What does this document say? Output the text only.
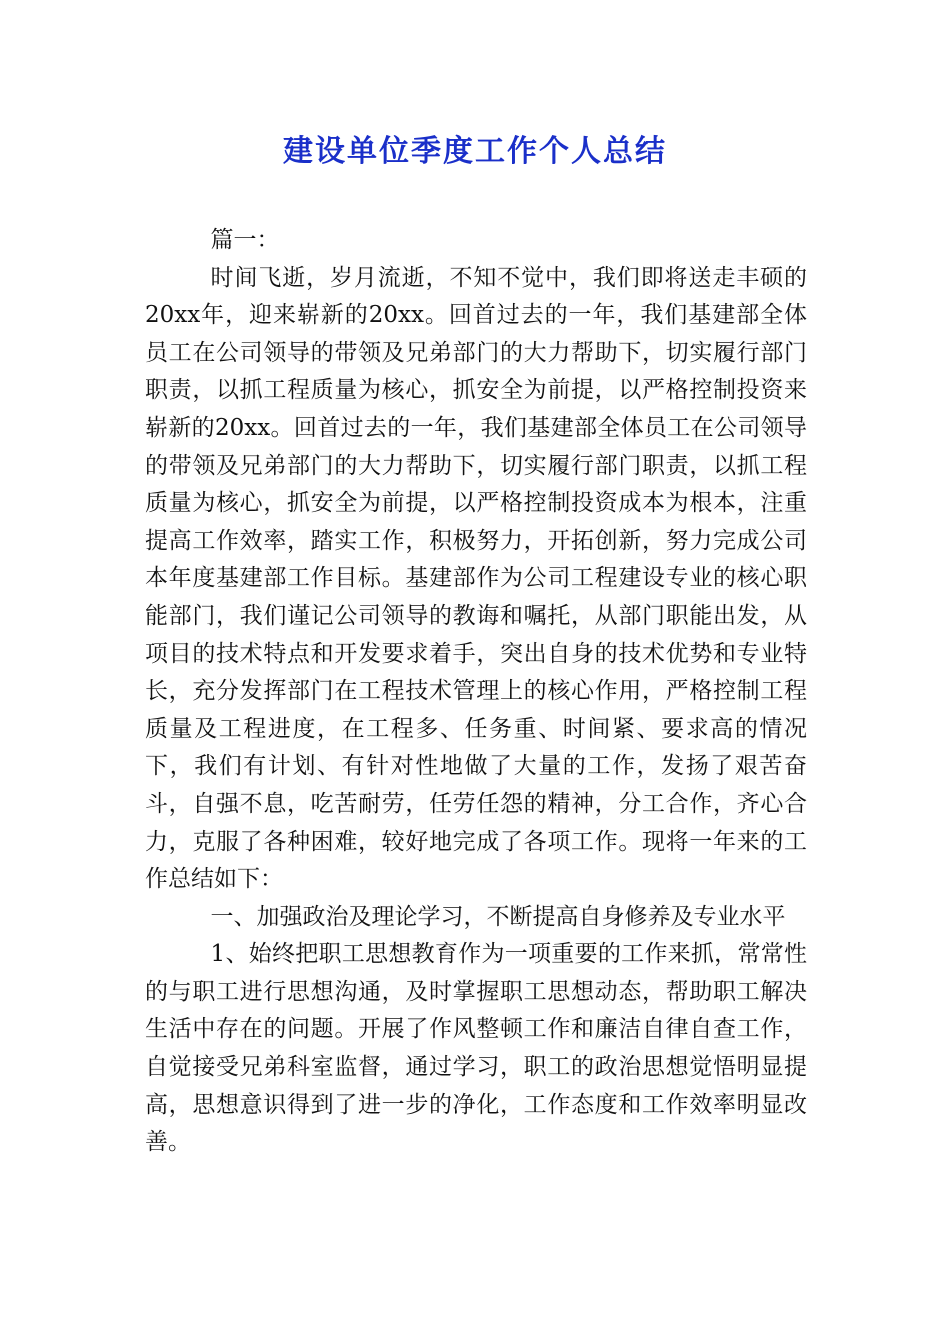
建设单位季度工作个人总结

篇一：

时间飞逝，岁月流逝，不知不觉中，我们即将送走丰硕的20xx年，迎来崭新的20xx。回首过去的一年，我们基建部全体员工在公司领导的带领及兄弟部门的大力帮助下，切实履行部门职责，以抓工程质量为核心，抓安全为前提，以严格控制投资来崭新的20xx。回首过去的一年，我们基建部全体员工在公司领导的带领及兄弟部门的大力帮助下，切实履行部门职责，以抓工程质量为核心，抓安全为前提，以严格控制投资成本为根本，注重提高工作效率，踏实工作，积极努力，开拓创新，努力完成公司本年度基建部工作目标。基建部作为公司工程建设专业的核心职能部门，我们谨记公司领导的教诲和嘱托，从部门职能出发，从项目的技术特点和开发要求着手，突出自身的技术优势和专业特长，充分发挥部门在工程技术管理上的核心作用，严格控制工程质量及工程进度，在工程多、任务重、时间紧、要求高的情况下，我们有计划、有针对性地做了大量的工作，发扬了艰苦奋斗，自强不息，吃苦耐劳，任劳任怨的精神，分工合作，齐心合力，克服了各种困难，较好地完成了各项工作。现将一年来的工作总结如下：

一、加强政治及理论学习，不断提高自身修养及专业水平

1、始终把职工思想教育作为一项重要的工作来抓，常常性的与职工进行思想沟通，及时掌握职工思想动态，帮助职工解决生活中存在的问题。开展了作风整顿工作和廉洁自律自查工作，自觉接受兄弟科室监督，通过学习，职工的政治思想觉悟明显提高，思想意识得到了进一步的净化，工作态度和工作效率明显改善。
